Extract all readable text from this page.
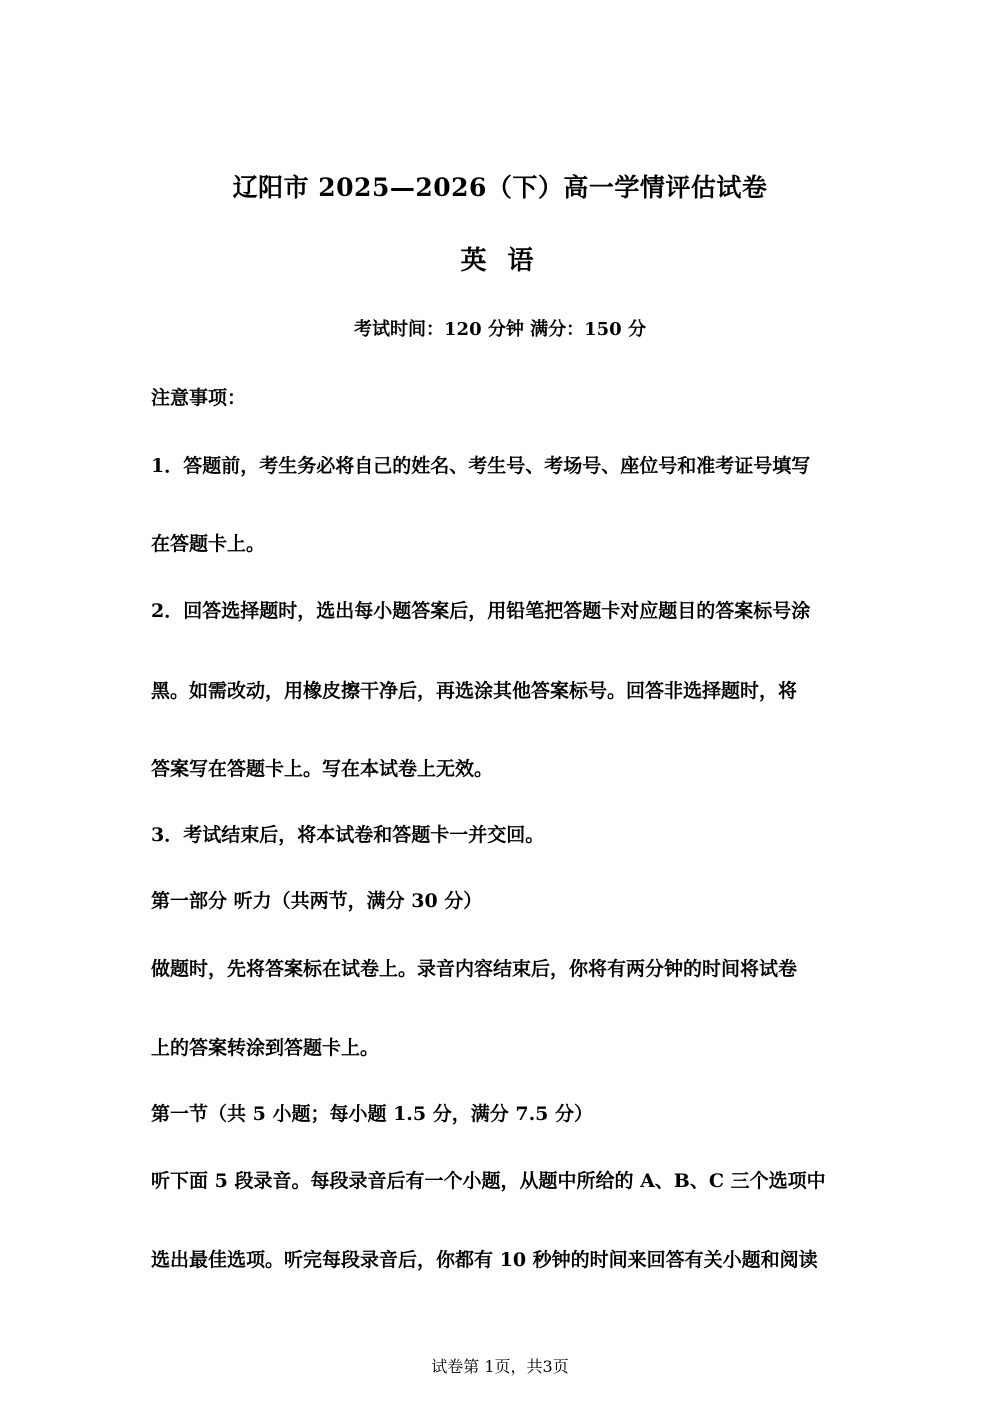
辽阳市 2025—2026（下）高一学情评估试卷
英 语
考试时间：120 分钟 满分：150 分
注意事项：
1．答题前，考生务必将自己的姓名、考生号、考场号、座位号和准考证号填写
在答题卡上。
2．回答选择题时，选出每小题答案后，用铅笔把答题卡对应题目的答案标号涂
黑。如需改动，用橡皮擦干净后，再选涂其他答案标号。回答非选择题时，将
答案写在答题卡上。写在本试卷上无效。
3．考试结束后，将本试卷和答题卡一并交回。
第一部分 听力（共两节，满分 30 分）
做题时，先将答案标在试卷上。录音内容结束后，你将有两分钟的时间将试卷
上的答案转涂到答题卡上。
第一节（共 5 小题；每小题 1.5 分，满分 7.5 分）
听下面 5 段录音。每段录音后有一个小题，从题中所给的 A、B、C 三个选项中
选出最佳选项。听完每段录音后，你都有 10 秒钟的时间来回答有关小题和阅读
试卷第 1页，共3页
